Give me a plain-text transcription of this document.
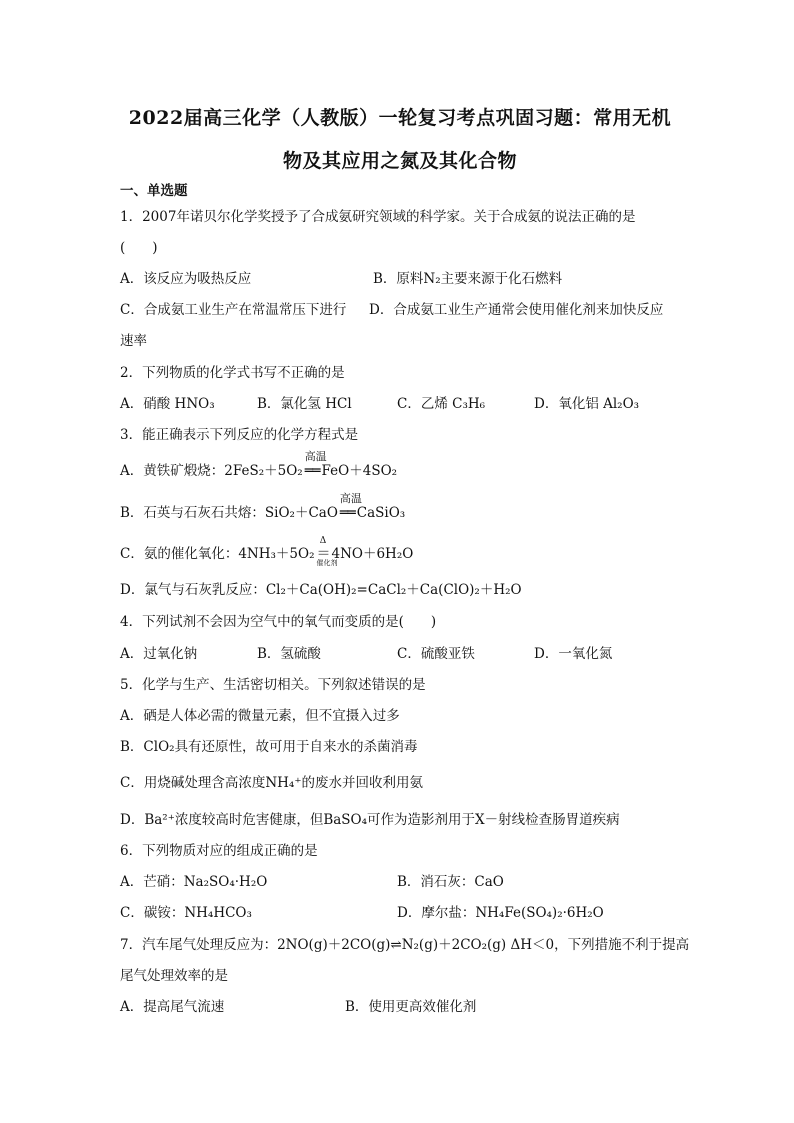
2022届高三化学（人教版）一轮复习考点巩固习题：常用无机
物及其应用之氮及其化合物
一、单选题
1．2007年诺贝尔化学奖授予了合成氨研究领域的科学家。关于合成氨的说法正确的是
(　　)
A．该反应为吸热反应	B．原料N₂主要来源于化石燃料
C．合成氨工业生产在常温常压下进行 D．合成氨工业生产通常会使用催化剂来加快反应
速率
2．下列物质的化学式书写不正确的是
A．硝酸 HNO₃	B．氯化氢 HCl	C．乙烯 C₃H₆	D．氧化铝 Al₂O₃
3．能正确表示下列反应的化学方程式是
A．黄铁矿煅烧：2FeS₂＋5O₂
高温
══ FeO＋4SO₂
B．石英与石灰石共熔：SiO₂＋CaO
高温
══ CaSiO₃
C．氨的催化氧化：4NH₃＋5O₂
Δ
＝
催化剂
4NO＋6H₂O
D．氯气与石灰乳反应：Cl₂＋Ca(OH)₂=CaCl₂＋Ca(ClO)₂＋H₂O
4．下列试剂不会因为空气中的氧气而变质的是(　　)
A．过氧化钠	B．氢硫酸	C．硫酸亚铁	D．一氧化氮
5．化学与生产、生活密切相关。下列叙述错误的是
A．硒是人体必需的微量元素，但不宜摄入过多
B．ClO₂具有还原性，故可用于自来水的杀菌消毒
C．用烧碱处理含高浓度NH₄⁺的废水并回收利用氨
D．Ba²⁺浓度较高时危害健康，但BaSO₄可作为造影剂用于X－射线检查肠胃道疾病
6．下列物质对应的组成正确的是
A．芒硝：Na₂SO₄·H₂O	B．消石灰：CaO
C．碳铵：NH₄HCO₃	D．摩尔盐：NH₄Fe(SO₄)₂·6H₂O
7．汽车尾气处理反应为：2NO(g)＋2CO(g)⇌N₂(g)＋2CO₂(g) ΔH＜0，下列措施不利于提高
尾气处理效率的是
A．提高尾气流速	B．使用更高效催化剂
